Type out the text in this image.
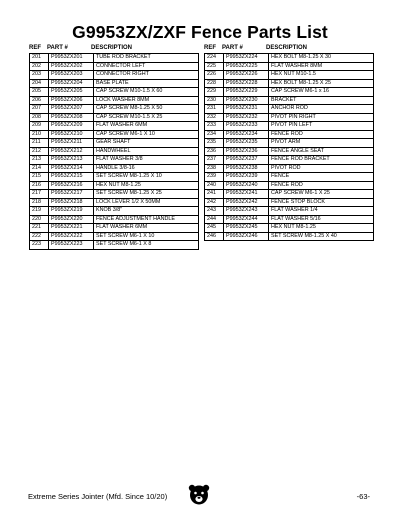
G9953ZX/ZXF Fence Parts List
REF	PART #	DESCRIPTION
201	P9953ZX201	TUBE ROD BRACKET
202	P9953ZX202	CONNECTOR LEFT
203	P9953ZX203	CONNECTOR RIGHT
204	P9953ZX204	BASE PLATE
205	P9953ZX205	CAP SCREW M10-1.5 X 60
206	P9953ZX206	LOCK WASHER 8MM
207	P9953ZX207	CAP SCREW M8-1.25 X 50
208	P9953ZX208	CAP SCREW M10-1.5 X 25
209	P9953ZX209	FLAT WASHER 6MM
210	P9953ZX210	CAP SCREW M6-1 X 10
211	P9953ZX211	GEAR SHAFT
212	P9953ZX212	HANDWHEEL
213	P9953ZX213	FLAT WASHER 3/8
214	P9953ZX214	HANDLE 3/8-16
215	P9953ZX215	SET SCREW M8-1.25 X 10
216	P9953ZX216	HEX NUT M8-1.25
217	P9953ZX217	SET SCREW M8-1.25 X 25
218	P9953ZX218	LOCK LEVER 1/2 X 50MM
219	P9953ZX219	KNOB 3/8"
220	P9953ZX220	FENCE ADJUSTMENT HANDLE
221	P9953ZX221	FLAT WASHER 6MM
222	P9953ZX222	SET SCREW M6-1 X 10
223	P9953ZX223	SET SCREW M6-1 X 8
REF	PART #	DESCRIPTION
224	P9953ZX224	HEX BOLT M8-1.25 X 30
225	P9953ZX225	FLAT WASHER 8MM
226	P9953ZX226	HEX NUT M10-1.5
228	P9953ZX228	HEX BOLT M8-1.25 X 25
229	P9953ZX229	CAP SCREW M6-1 x 16
230	P9953ZX230	BRACKET
231	P9953ZX231	ANCHOR ROD
232	P9953ZX232	PIVOT PIN RIGHT
233	P9953ZX233	PIVOT PIN LEFT
234	P9953ZX234	FENCE ROD
235	P9953ZX235	PIVOT ARM
236	P9953ZX236	FENCE ANGLE SEAT
237	P9953ZX237	FENCE ROD BRACKET
238	P9953ZX238	PIVOT ROD
239	P9953ZX239	FENCE
240	P9953ZX240	FENCE ROD
241	P9953ZX241	CAP SCREW M6-1 X 25
242	P9953ZX242	FENCE STOP BLOCK
243	P9953ZX243	FLAT WASHER 1/4
244	P9953ZX244	FLAT WASHER 5/16
245	P9953ZX245	HEX NUT M8-1.25
246	P9953ZX246	SET SCREW M8-1.25 X 40
Extreme Series Jointer (Mfd. Since 10/20)	-63-
